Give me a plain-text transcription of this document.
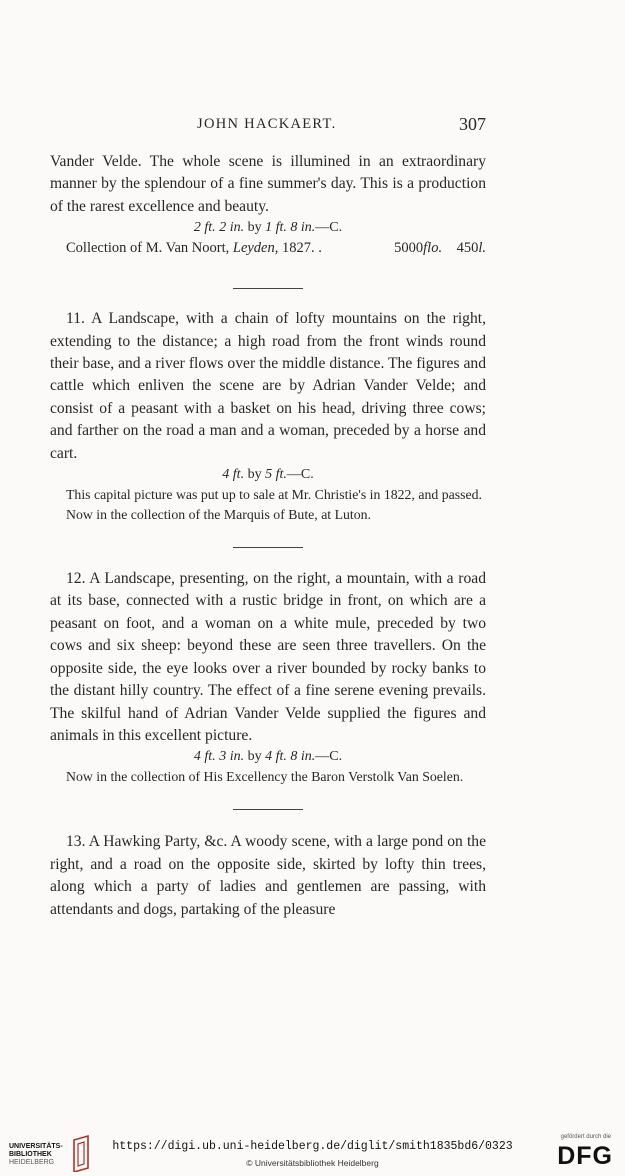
JOHN HACKAERT.	307

Vander Velde. The whole scene is illumined in an extraordinary manner by the splendour of a fine summer's day. This is a production of the rarest excellence and beauty.

2 ft. 2 in. by 1 ft. 8 in.—C.

Collection of M. Van Noort, Leyden, 1827. .	5000flo. 450l.

11. A Landscape, with a chain of lofty mountains on the right, extending to the distance; a high road from the front winds round their base, and a river flows over the middle distance. The figures and cattle which enliven the scene are by Adrian Vander Velde; and consist of a peasant with a basket on his head, driving three cows; and farther on the road a man and a woman, preceded by a horse and cart.

4 ft. by 5 ft.—C.

This capital picture was put up to sale at Mr. Christie's in 1822, and passed.

Now in the collection of the Marquis of Bute, at Luton.

12. A Landscape, presenting, on the right, a mountain, with a road at its base, connected with a rustic bridge in front, on which are a peasant on foot, and a woman on a white mule, preceded by two cows and six sheep: beyond these are seen three travellers. On the opposite side, the eye looks over a river bounded by rocky banks to the distant hilly country. The effect of a fine serene evening prevails. The skilful hand of Adrian Vander Velde supplied the figures and animals in this excellent picture.

4 ft. 3 in. by 4 ft. 8 in.—C.

Now in the collection of His Excellency the Baron Verstolk Van Soelen.

13. A Hawking Party, &c. A woody scene, with a large pond on the right, and a road on the opposite side, skirted by lofty thin trees, along which a party of ladies and gentlemen are passing, with attendants and dogs, partaking of the pleasure

UNIVERSITÄTS-
BIBLIOTHEK
HEIDELBERG
https://digi.ub.uni-heidelberg.de/diglit/smith1835bd6/0323
© Universitätsbibliothek Heidelberg
gefördert durch die
DFG
